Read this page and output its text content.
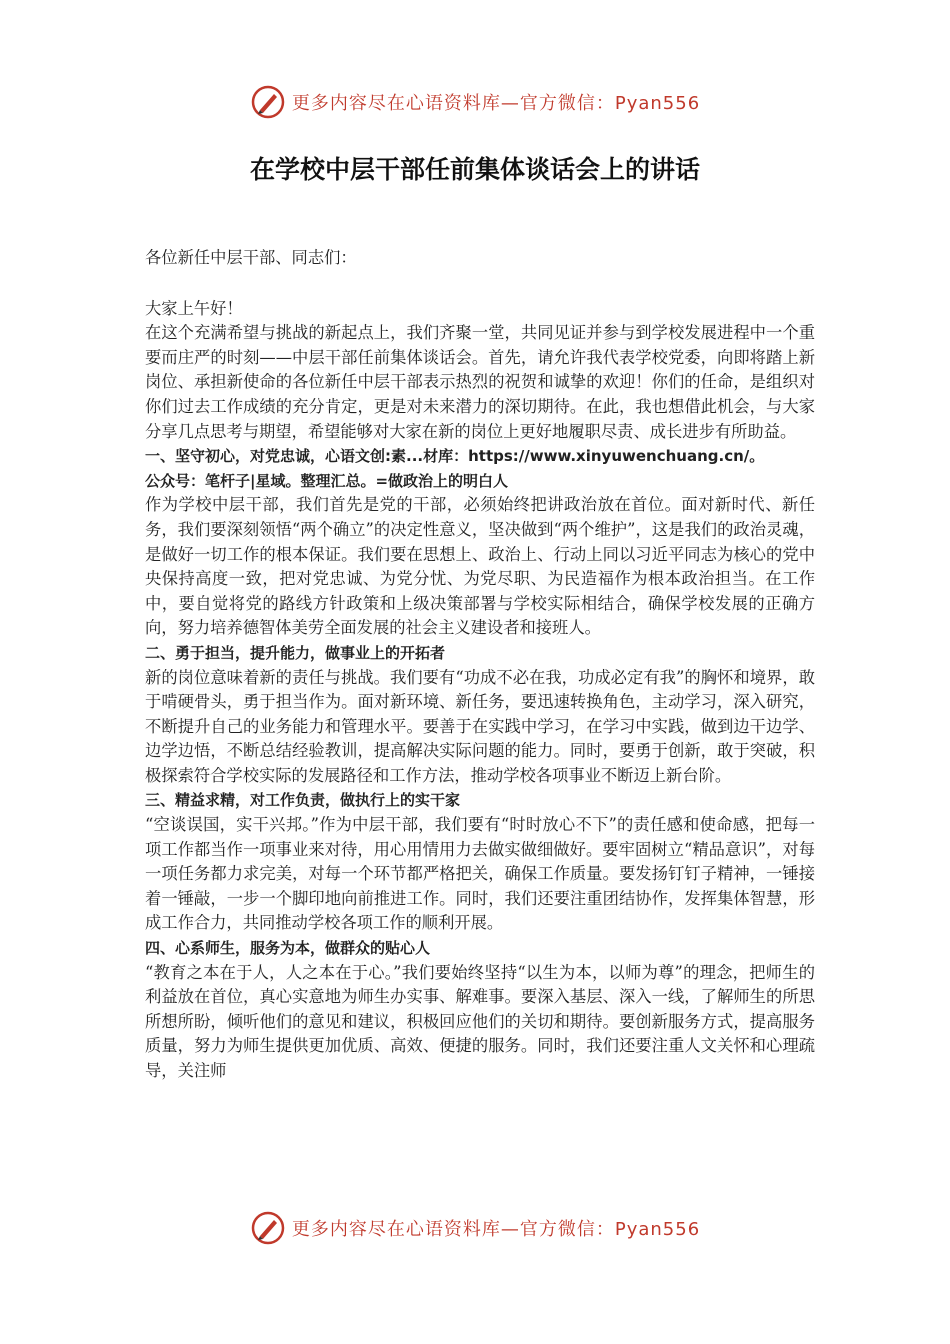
更多内容尽在心语资料库—官方微信：Pyan556
在学校中层干部任前集体谈话会上的讲话

各位新任中层干部、同志们：

大家上午好！

在这个充满希望与挑战的新起点上，我们齐聚一堂，共同见证并参与到学校发展进程中一个重要而庄严的时刻——中层干部任前集体谈话会。首先，请允许我代表学校党委，向即将踏上新岗位、承担新使命的各位新任中层干部表示热烈的祝贺和诚挚的欢迎！你们的任命，是组织对你们过去工作成绩的充分肯定，更是对未来潜力的深切期待。在此，我也想借此机会，与大家分享几点思考与期望，希望能够对大家在新的岗位上更好地履职尽责、成长进步有所助益。

一、坚守初心，对党忠诚，心语文创:素...材库：https://www.xinyuwenchuang.cn/。

公众号：笔杆子|星域。整理汇总。=做政治上的明白人

作为学校中层干部，我们首先是党的干部，必须始终把讲政治放在首位。面对新时代、新任务，我们要深刻领悟“两个确立”的决定性意义，坚决做到“两个维护”，这是我们的政治灵魂，是做好一切工作的根本保证。我们要在思想上、政治上、行动上同以习近平同志为核心的党中央保持高度一致，把对党忠诚、为党分忧、为党尽职、为民造福作为根本政治担当。在工作中，要自觉将党的路线方针政策和上级决策部署与学校实际相结合，确保学校发展的正确方向，努力培养德智体美劳全面发展的社会主义建设者和接班人。

二、勇于担当，提升能力，做事业上的开拓者

新的岗位意味着新的责任与挑战。我们要有“功成不必在我，功成必定有我”的胸怀和境界，敢于啃硬骨头，勇于担当作为。面对新环境、新任务，要迅速转换角色，主动学习，深入研究，不断提升自己的业务能力和管理水平。要善于在实践中学习，在学习中实践，做到边干边学、边学边悟，不断总结经验教训，提高解决实际问题的能力。同时，要勇于创新，敢于突破，积极探索符合学校实际的发展路径和工作方法，推动学校各项事业不断迈上新台阶。

三、精益求精，对工作负责，做执行上的实干家

“空谈误国，实干兴邦。”作为中层干部，我们要有“时时放心不下”的责任感和使命感，把每一项工作都当作一项事业来对待，用心用情用力去做实做细做好。要牢固树立“精品意识”，对每一项任务都力求完美，对每一个环节都严格把关，确保工作质量。要发扬钉钉子精神，一锤接着一锤敲，一步一个脚印地向前推进工作。同时，我们还要注重团结协作，发挥集体智慧，形成工作合力，共同推动学校各项工作的顺利开展。

四、心系师生，服务为本，做群众的贴心人

“教育之本在于人，人之本在于心。”我们要始终坚持“以生为本，以师为尊”的理念，把师生的利益放在首位，真心实意地为师生办实事、解难事。要深入基层、深入一线，了解师生的所思所想所盼，倾听他们的意见和建议，积极回应他们的关切和期待。要创新服务方式，提高服务质量，努力为师生提供更加优质、高效、便捷的服务。同时，我们还要注重人文关怀和心理疏导，关注师

更多内容尽在心语资料库—官方微信：Pyan556
